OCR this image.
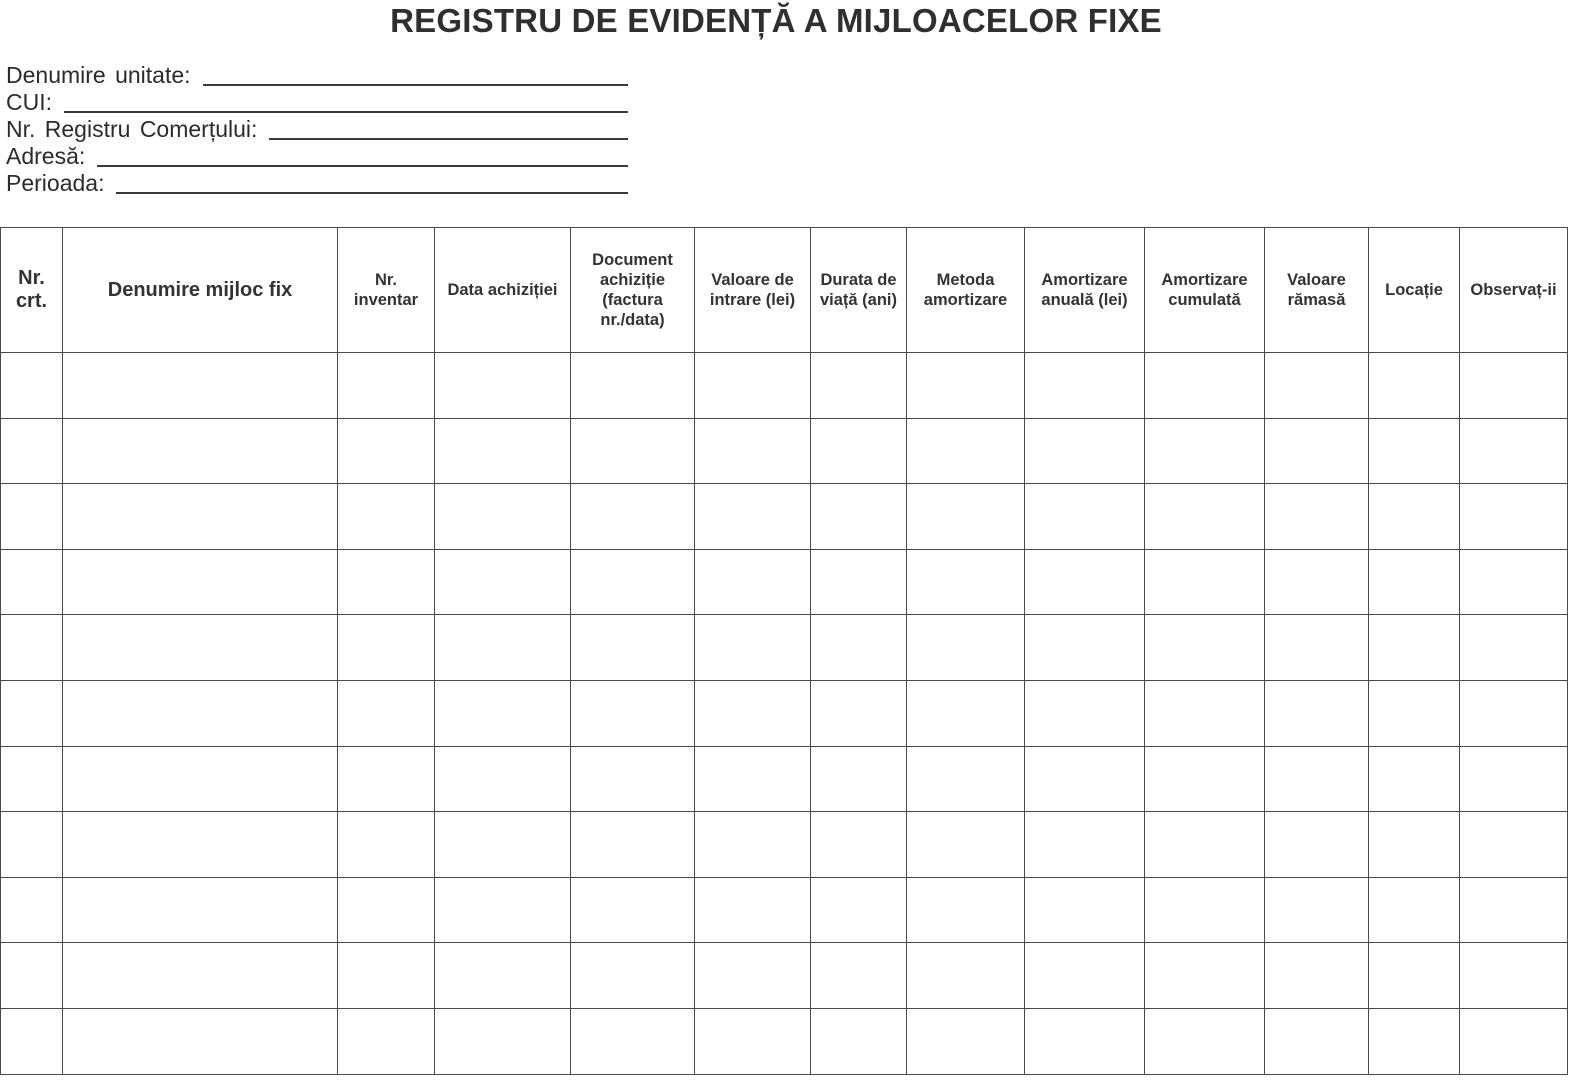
REGISTRU DE EVIDENȚĂ A MIJLOACELOR FIXE
Denumire unitate:
CUI:
Nr. Registru Comerțului:
Adresă:
Perioada:
Nr. crt.	Denumire mijloc fix	Nr. inventar	Data achiziției	Document achiziție (factura nr./data)	Valoare de intrare (lei)	Durata de viață (ani)	Metoda amortizare	Amortizare anuală (lei)	Amortizare cumulată	Valoare rămasă	Locație	Observaț-ii
